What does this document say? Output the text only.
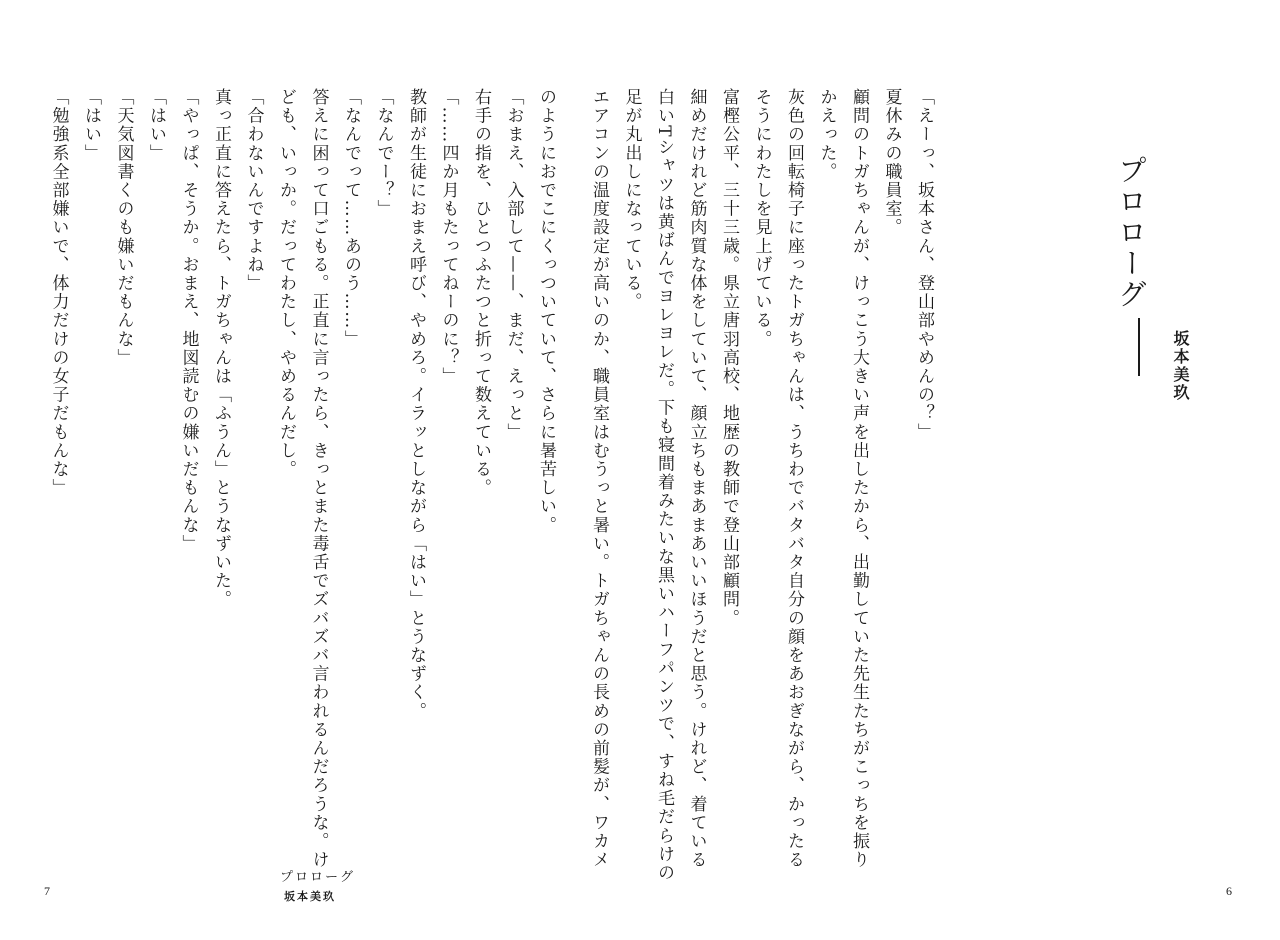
のようにおでこにくっついていて、さらに暑苦しい。
「おまえ、入部して——、まだ、えっと」
右手の指を、ひとつふたつと折って数えている。
「……四か月もたってねーのに？」
教師が生徒におまえ呼び、やめろ。イラッとしながら「はい」とうなずく。
「なんでー？」
「なんでって……あのう……」
答えに困って口ごもる。正直に言ったら、きっとまた毒舌でズバズバ言われるんだろうな。け
ども、いっか。だってわたし、やめるんだし。
「合わないんですよね」
真っ正直に答えたら、トガちゃんは「ふうん」とうなずいた。
「やっぱ、そうか。おまえ、地図読むの嫌いだもんな」
「はい」
「天気図書くのも嫌いだもんな」
「はい」
「勉強系全部嫌いで、体力だけの女子だもんな」
プロローグ
坂本美玖
7
プロローグ
坂本美玖
「えーっ、坂本さん、登山部やめんの？」
夏休みの職員室。
顧問のトガちゃんが、けっこう大きい声を出したから、出勤していた先生たちがこっちを振り
かえった。
灰色の回転椅子に座ったトガちゃんは、うちわでバタバタ自分の顔をあおぎながら、かったる
そうにわたしを見上げている。
富樫公平、三十三歳。県立唐羽高校、地歴の教師で登山部顧問。
細めだけれど筋肉質な体をしていて、顔立ちもまあまあいいほうだと思う。けれど、着ている
白いTシャツは黄ばんでヨレヨレだ。下も寝間着みたいな黒いハーフパンツで、すね毛だらけの
足が丸出しになっている。
エアコンの温度設定が高いのか、職員室はむうっと暑い。トガちゃんの長めの前髪が、ワカメ
6
